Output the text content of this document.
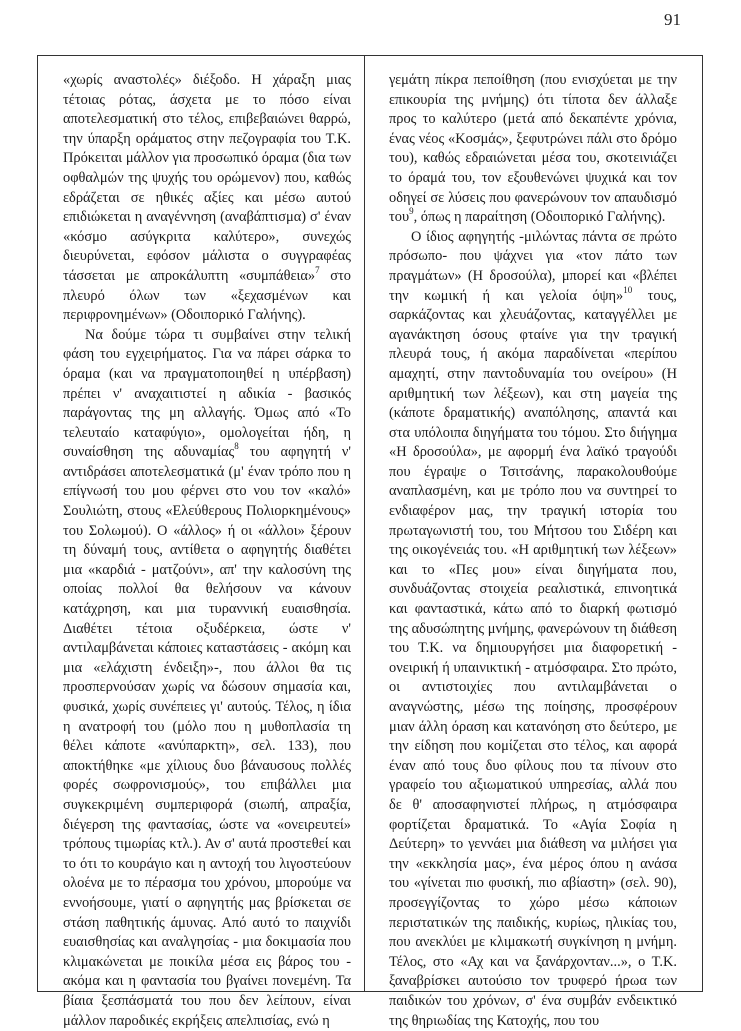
91

«χωρίς αναστολές» διέξοδο. Η χάραξη μιας τέτοιας ρότας, άσχετα με το πόσο είναι αποτελεσματική στο τέλος, επιβεβαιώνει θαρρώ, την ύπαρξη οράματος στην πεζογραφία του Τ.Κ. Πρόκειται μάλλον για προσωπικό όραμα (δια των οφθαλμών της ψυχής του ορώμενον) που, καθώς εδράζεται σε ηθικές αξίες και μέσω αυτού επιδιώκεται η αναγέννηση (αναβάπτισμα) σ' έναν «κόσμο ασύγκριτα καλύτερο», συνεχώς διευρύνεται, εφόσον μάλιστα ο συγγραφέας τάσσεται με απροκάλυπτη «συμπάθεια»$^7$ στο πλευρό όλων των «ξεχασμένων και περιφρονημένων» (Οδοιπορικό Γαλήνης).

Να δούμε τώρα τι συμβαίνει στην τελική φάση του εγχειρήματος. Για να πάρει σάρκα το όραμα (και να πραγματοποιηθεί η υπέρβαση) πρέπει ν' αναχαιτιστεί η αδικία - βασικός παράγοντας της μη αλλαγής. Όμως από «Το τελευταίο καταφύγιο», ομολογείται ήδη, η συναίσθηση της αδυναμίας$^8$ του αφηγητή ν' αντιδράσει αποτελεσματικά (μ' έναν τρόπο που η επίγνωσή του μου φέρνει στο νου τον «καλό» Σουλιώτη, στους «Ελεύθερους Πολιορκημένους» του Σολωμού). Ο «άλλος» ή οι «άλλοι» ξέρουν τη δύναμή τους, αντίθετα ο αφηγητής διαθέτει μια «καρδιά - ματζούνι», απ' την καλοσύνη της οποίας πολλοί θα θελήσουν να κάνουν κατάχρηση, και μια τυραννική ευαισθησία. Διαθέτει τέτοια οξυδέρκεια, ώστε ν' αντιλαμβάνεται κάποιες καταστάσεις - ακόμη και μια «ελάχιστη ένδειξη»-, που άλλοι θα τις προσπερνούσαν χωρίς να δώσουν σημασία και, φυσικά, χωρίς συνέπειες γι' αυτούς. Τέλος, η ίδια η ανατροφή του (μόλο που η μυθοπλασία τη θέλει κάποτε «ανύπαρκτη», σελ. 133), που αποκτήθηκε «με χίλιους δυο βάναυσους πολλές φορές σωφρονισμούς», του επιβάλλει μια συγκεκριμένη συμπεριφορά (σιωπή, απραξία, διέγερση της φαντασίας, ώστε να «ονειρευτεί» τρόπους τιμωρίας κτλ.). Αν σ' αυτά προστεθεί και το ότι το κουράγιο και η αντοχή του λιγοστεύουν ολοένα με το πέρασμα του χρόνου, μπορούμε να εννοήσουμε, γιατί ο αφηγητής μας βρίσκεται σε στάση παθητικής άμυνας. Από αυτό το παιχνίδι ευαισθησίας και αναλγησίας - μια δοκιμασία που κλιμακώνεται με ποικίλα μέσα εις βάρος του - ακόμα και η φαντασία του βγαίνει πονεμένη. Τα βίαια ξεσπάσματά του που δεν λείπουν, είναι μάλλον παροδικές εκρήξεις απελπισίας, ενώ η

γεμάτη πίκρα πεποίθηση (που ενισχύεται με την επικουρία της μνήμης) ότι τίποτα δεν άλλαξε προς το καλύτερο (μετά από δεκαπέντε χρόνια, ένας νέος «Κοσμάς», ξεφυτρώνει πάλι στο δρόμο του), καθώς εδραιώνεται μέσα του, σκοτεινιάζει το όραμά του, τον εξουθενώνει ψυχικά και τον οδηγεί σε λύσεις που φανερώνουν τον απαυδισμό του$^9$, όπως η παραίτηση (Οδοιπορικό Γαλήνης).

Ο ίδιος αφηγητής -μιλώντας πάντα σε πρώτο πρόσωπο- που ψάχνει για «τον πάτο των πραγμάτων» (Η δροσούλα), μπορεί και «βλέπει την κωμική ή και γελοία όψη»$^{10}$ τους, σαρκάζοντας και χλευάζοντας, καταγγέλλει με αγανάκτηση όσους φταίνε για την τραγική πλευρά τους, ή ακόμα παραδίνεται «περίπου αμαχητί, στην παντοδυναμία του ονείρου» (Η αριθμητική των λέξεων), και στη μαγεία της (κάποτε δραματικής) αναπόλησης, απαντά και στα υπόλοιπα διηγήματα του τόμου. Στο διήγημα «Η δροσούλα», με αφορμή ένα λαϊκό τραγούδι που έγραψε ο Τσιτσάνης, παρακολουθούμε αναπλασμένη, και με τρόπο που να συντηρεί το ενδιαφέρον μας, την τραγική ιστορία του πρωταγωνιστή του, του Μήτσου του Σιδέρη και της οικογένειάς του. «Η αριθμητική των λέξεων» και το «Πες μου» είναι διηγήματα που, συνδυάζοντας στοιχεία ρεαλιστικά, επινοητικά και φανταστικά, κάτω από το διαρκή φωτισμό της αδυσώπητης μνήμης, φανερώνουν τη διάθεση του Τ.Κ. να δημιουργήσει μια διαφορετική - ονειρική ή υπαινικτική - ατμόσφαιρα. Στο πρώτο, οι αντιστοιχίες που αντιλαμβάνεται ο αναγνώστης, μέσω της ποίησης, προσφέρουν μιαν άλλη όραση και κατανόηση στο δεύτερο, με την είδηση που κομίζεται στο τέλος, και αφορά έναν από τους δυο φίλους που τα πίνουν στο γραφείο του αξιωματικού υπηρεσίας, αλλά που δε θ' αποσαφηνιστεί πλήρως, η ατμόσφαιρα φορτίζεται δραματικά. Το «Αγία Σοφία η Δεύτερη» το γεννάει μια διάθεση να μιλήσει για την «εκκλησία μας», ένα μέρος όπου η ανάσα του «γίνεται πιο φυσική, πιο αβίαστη» (σελ. 90), προσεγγίζοντας το χώρο μέσω κάποιων περιστατικών της παιδικής, κυρίως, ηλικίας του, που ανεκλύει με κλιμακωτή συγκίνηση η μνήμη. Τέλος, στο «Αχ και να ξανάρχονταν...», ο Τ.Κ. ξαναβρίσκει αυτούσιο τον τρυφερό ήρωα των παιδικών του χρόνων, σ' ένα συμβάν ενδεικτικό της θηριωδίας της Κατοχής, που του
